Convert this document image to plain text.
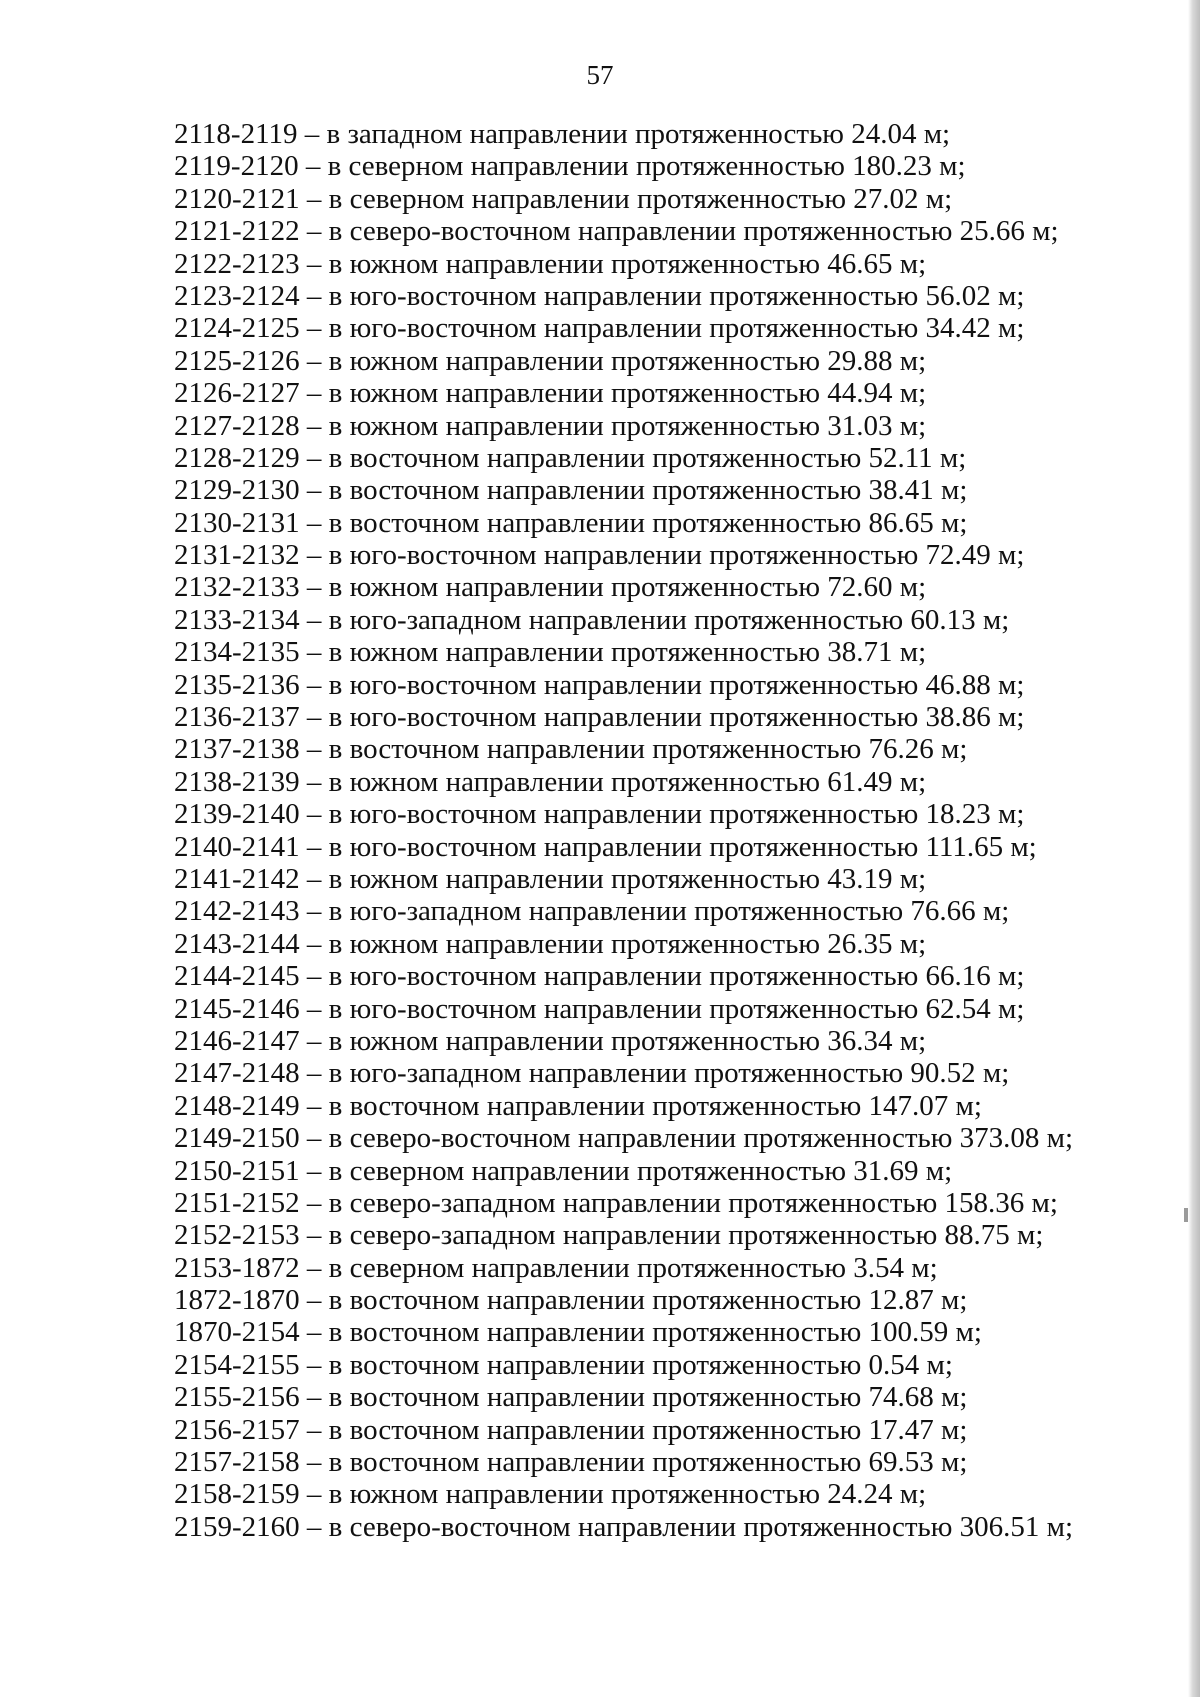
57
2118-2119 – в западном направлении протяженностью 24.04 м;
2119-2120 – в северном направлении протяженностью 180.23 м;
2120-2121 – в северном направлении протяженностью 27.02 м;
2121-2122 – в северо-восточном направлении протяженностью 25.66 м;
2122-2123 – в южном направлении протяженностью 46.65 м;
2123-2124 – в юго-восточном направлении протяженностью 56.02 м;
2124-2125 – в юго-восточном направлении протяженностью 34.42 м;
2125-2126 – в южном направлении протяженностью 29.88 м;
2126-2127 – в южном направлении протяженностью 44.94 м;
2127-2128 – в южном направлении протяженностью 31.03 м;
2128-2129 – в восточном направлении протяженностью 52.11 м;
2129-2130 – в восточном направлении протяженностью 38.41 м;
2130-2131 – в восточном направлении протяженностью 86.65 м;
2131-2132 – в юго-восточном направлении протяженностью 72.49 м;
2132-2133 – в южном направлении протяженностью 72.60 м;
2133-2134 – в юго-западном направлении протяженностью 60.13 м;
2134-2135 – в южном направлении протяженностью 38.71 м;
2135-2136 – в юго-восточном направлении протяженностью 46.88 м;
2136-2137 – в юго-восточном направлении протяженностью 38.86 м;
2137-2138 – в восточном направлении протяженностью 76.26 м;
2138-2139 – в южном направлении протяженностью 61.49 м;
2139-2140 – в юго-восточном направлении протяженностью 18.23 м;
2140-2141 – в юго-восточном направлении протяженностью 111.65 м;
2141-2142 – в южном направлении протяженностью 43.19 м;
2142-2143 – в юго-западном направлении протяженностью 76.66 м;
2143-2144 – в южном направлении протяженностью 26.35 м;
2144-2145 – в юго-восточном направлении протяженностью 66.16 м;
2145-2146 – в юго-восточном направлении протяженностью 62.54 м;
2146-2147 – в южном направлении протяженностью 36.34 м;
2147-2148 – в юго-западном направлении протяженностью 90.52 м;
2148-2149 – в восточном направлении протяженностью 147.07 м;
2149-2150 – в северо-восточном направлении протяженностью 373.08 м;
2150-2151 – в северном направлении протяженностью 31.69 м;
2151-2152 – в северо-западном направлении протяженностью 158.36 м;
2152-2153 – в северо-западном направлении протяженностью 88.75 м;
2153-1872 – в северном направлении протяженностью 3.54 м;
1872-1870 – в восточном направлении протяженностью 12.87 м;
1870-2154 – в восточном направлении протяженностью 100.59 м;
2154-2155 – в восточном направлении протяженностью 0.54 м;
2155-2156 – в восточном направлении протяженностью 74.68 м;
2156-2157 – в восточном направлении протяженностью 17.47 м;
2157-2158 – в восточном направлении протяженностью 69.53 м;
2158-2159 – в южном направлении протяженностью 24.24 м;
2159-2160 – в северо-восточном направлении протяженностью 306.51 м;
